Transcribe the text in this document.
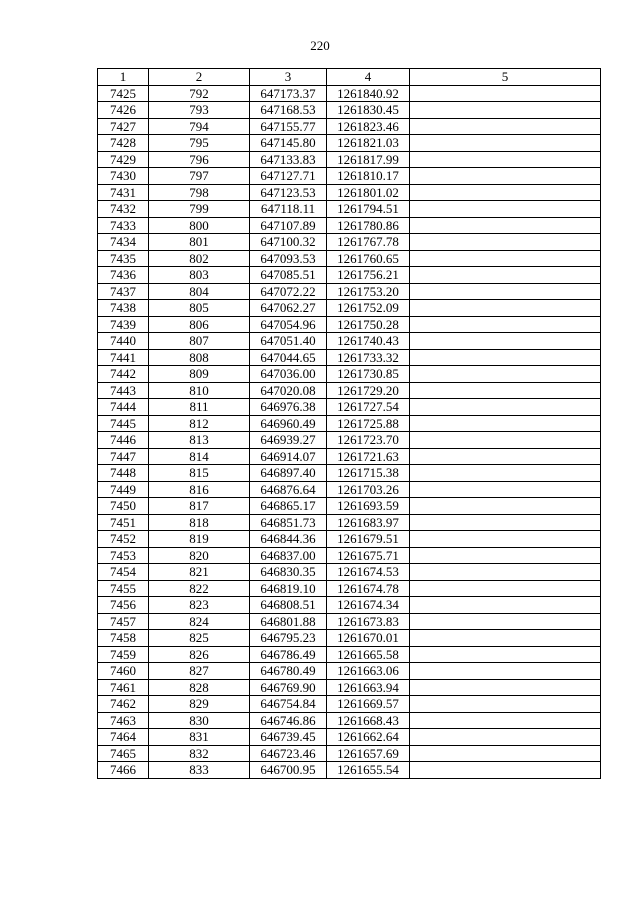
220
1	2	3	4	5
7425	792	647173.37	1261840.92	
7426	793	647168.53	1261830.45	
7427	794	647155.77	1261823.46	
7428	795	647145.80	1261821.03	
7429	796	647133.83	1261817.99	
7430	797	647127.71	1261810.17	
7431	798	647123.53	1261801.02	
7432	799	647118.11	1261794.51	
7433	800	647107.89	1261780.86	
7434	801	647100.32	1261767.78	
7435	802	647093.53	1261760.65	
7436	803	647085.51	1261756.21	
7437	804	647072.22	1261753.20	
7438	805	647062.27	1261752.09	
7439	806	647054.96	1261750.28	
7440	807	647051.40	1261740.43	
7441	808	647044.65	1261733.32	
7442	809	647036.00	1261730.85	
7443	810	647020.08	1261729.20	
7444	811	646976.38	1261727.54	
7445	812	646960.49	1261725.88	
7446	813	646939.27	1261723.70	
7447	814	646914.07	1261721.63	
7448	815	646897.40	1261715.38	
7449	816	646876.64	1261703.26	
7450	817	646865.17	1261693.59	
7451	818	646851.73	1261683.97	
7452	819	646844.36	1261679.51	
7453	820	646837.00	1261675.71	
7454	821	646830.35	1261674.53	
7455	822	646819.10	1261674.78	
7456	823	646808.51	1261674.34	
7457	824	646801.88	1261673.83	
7458	825	646795.23	1261670.01	
7459	826	646786.49	1261665.58	
7460	827	646780.49	1261663.06	
7461	828	646769.90	1261663.94	
7462	829	646754.84	1261669.57	
7463	830	646746.86	1261668.43	
7464	831	646739.45	1261662.64	
7465	832	646723.46	1261657.69	
7466	833	646700.95	1261655.54	
